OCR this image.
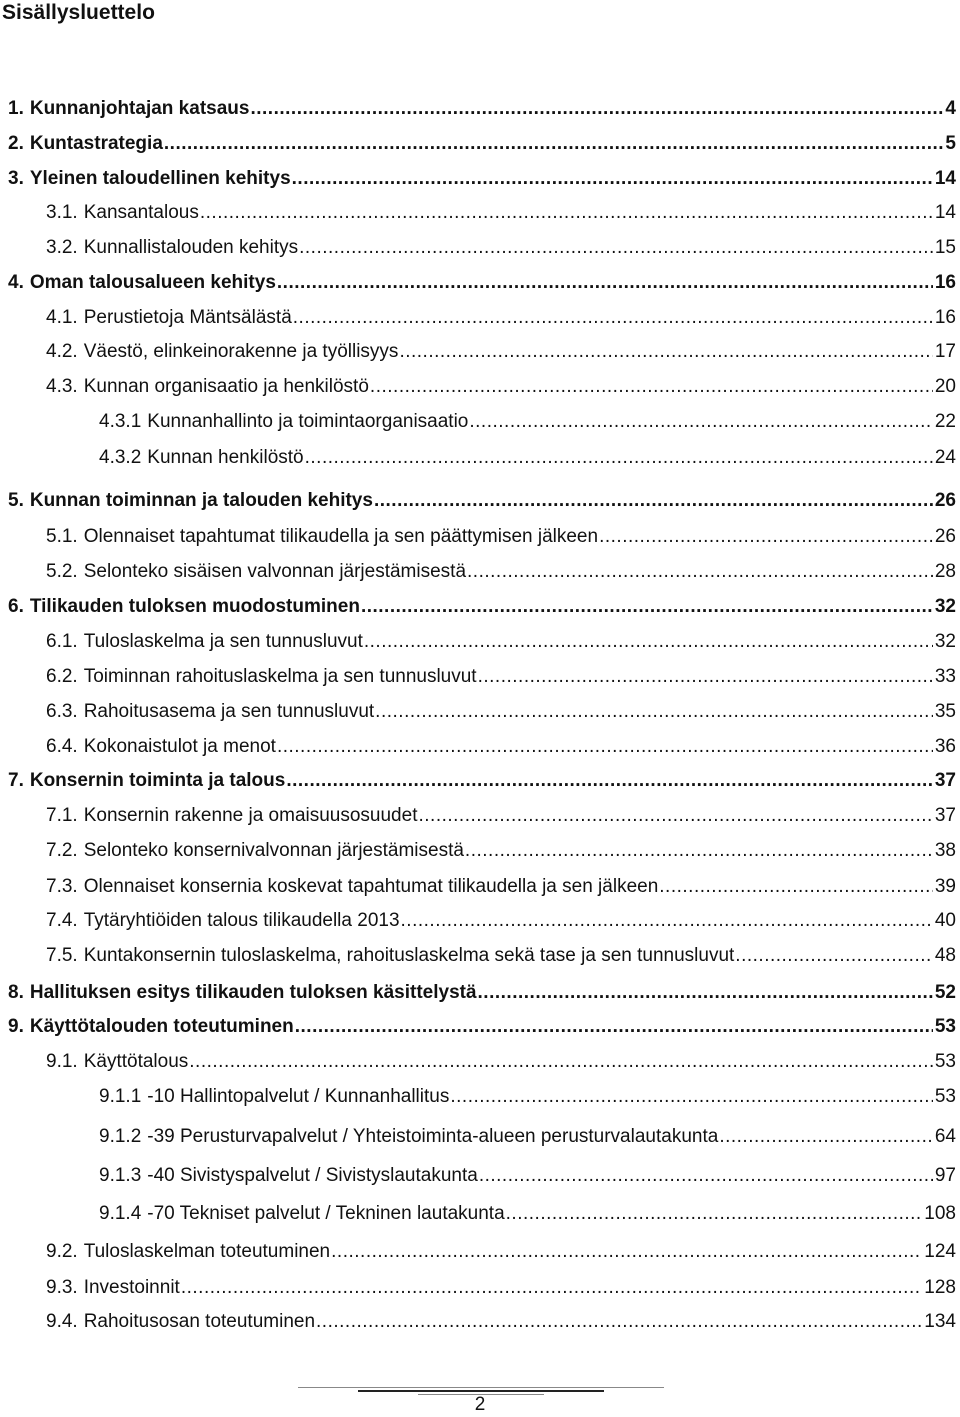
Sisällysluettelo
1. Kunnanjohtajan katsaus .....	4
2. Kuntastrategia .....	5
3. Yleinen taloudellinen kehitys .....	14
3.1. Kansantalous .....	14
3.2. Kunnallistalouden kehitys .....	15
4. Oman talousalueen kehitys .....	16
4.1. Perustietoja Mäntsälästä .....	16
4.2. Väestö, elinkeinorakenne ja työllisyys .....	17
4.3. Kunnan organisaatio ja henkilöstö .....	20
4.3.1 Kunnanhallinto ja toimintaorganisaatio .....	22
4.3.2 Kunnan henkilöstö .....	24
5. Kunnan toiminnan ja talouden kehitys .....	26
5.1. Olennaiset tapahtumat tilikaudella ja sen päättymisen jälkeen .....	26
5.2. Selonteko sisäisen valvonnan järjestämisestä .....	28
6. Tilikauden tuloksen muodostuminen .....	32
6.1. Tuloslaskelma ja sen tunnusluvut .....	32
6.2. Toiminnan rahoituslaskelma ja sen tunnusluvut .....	33
6.3. Rahoitusasema ja sen tunnusluvut .....	35
6.4. Kokonaistulot ja menot .....	36
7. Konsernin toiminta ja talous .....	37
7.1. Konsernin rakenne ja omaisuusosuudet .....	37
7.2. Selonteko konsernivalvonnan järjestämisestä .....	38
7.3. Olennaiset konsernia koskevat tapahtumat tilikaudella ja sen jälkeen .....	39
7.4. Tytäryhtiöiden talous tilikaudella 2013 .....	40
7.5. Kuntakonsernin tuloslaskelma, rahoituslaskelma sekä tase ja sen tunnusluvut .....	48
8. Hallituksen esitys tilikauden tuloksen käsittelystä .....	52
9. Käyttötalouden toteutuminen .....	53
9.1. Käyttötalous .....	53
9.1.1 -10 Hallintopalvelut / Kunnanhallitus .....	53
9.1.2 -39 Perusturvapalvelut / Yhteistoiminta-alueen perusturvalautakunta .....	64
9.1.3 -40 Sivistyspalvelut / Sivistyslautakunta .....	97
9.1.4 -70 Tekniset palvelut / Tekninen lautakunta .....	108
9.2. Tuloslaskelman toteutuminen .....	124
9.3. Investoinnit .....	128
9.4. Rahoitusosan toteutuminen .....	134
2
